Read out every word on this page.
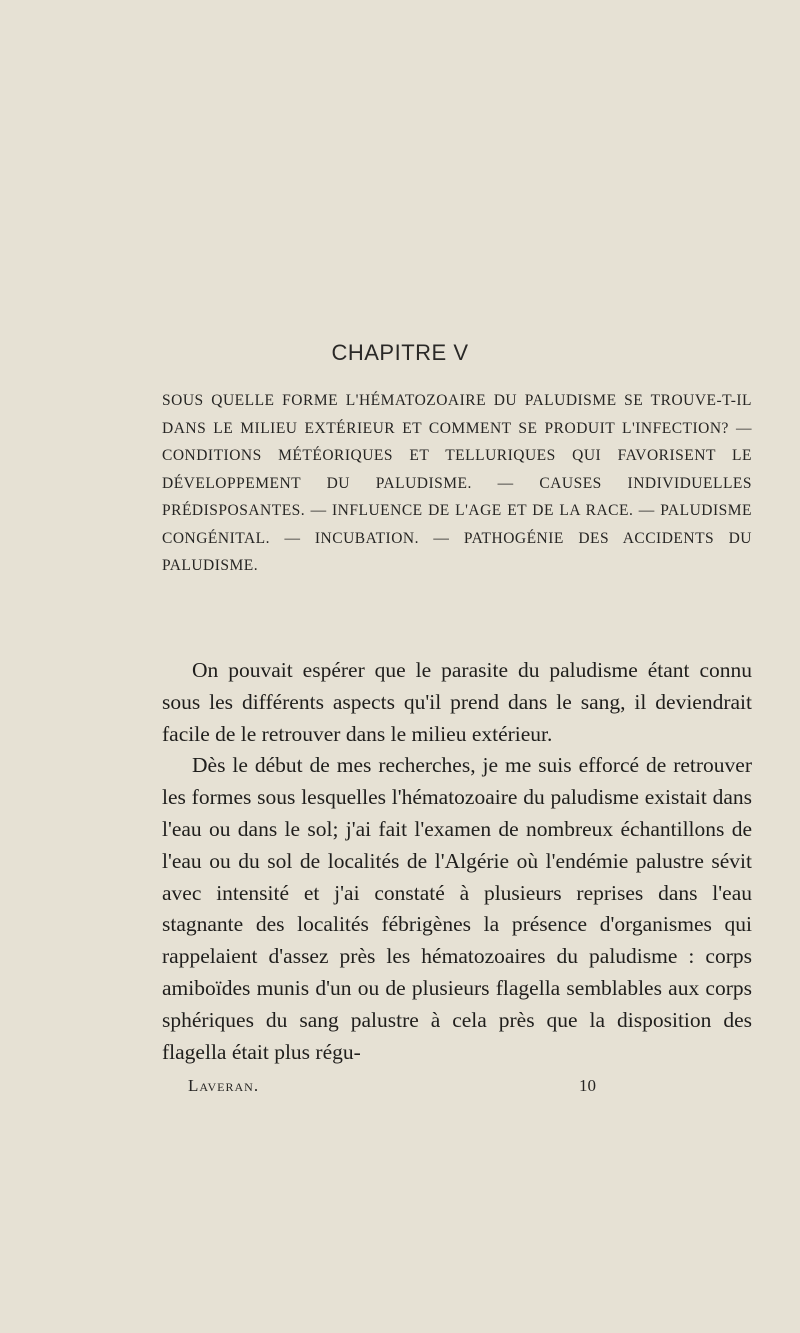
CHAPITRE V

SOUS QUELLE FORME L'HÉMATOZOAIRE DU PALUDISME SE TROUVE-T-IL DANS LE MILIEU EXTÉRIEUR ET COMMENT SE PRODUIT L'INFECTION? — CONDITIONS MÉTÉORIQUES ET TELLURIQUES QUI FAVORISENT LE DÉVELOPPEMENT DU PALUDISME. — CAUSES INDIVIDUELLES PRÉDISPOSANTES. — INFLUENCE DE L'AGE ET DE LA RACE. — PALUDISME CONGÉNITAL. — INCUBATION. — PATHOGÉNIE DES ACCIDENTS DU PALUDISME.

On pouvait espérer que le parasite du paludisme étant connu sous les différents aspects qu'il prend dans le sang, il deviendrait facile de le retrouver dans le milieu extérieur.

Dès le début de mes recherches, je me suis efforcé de retrouver les formes sous lesquelles l'hématozoaire du paludisme existait dans l'eau ou dans le sol; j'ai fait l'examen de nombreux échantillons de l'eau ou du sol de localités de l'Algérie où l'endémie palustre sévit avec intensité et j'ai constaté à plusieurs reprises dans l'eau stagnante des localités fébrigènes la présence d'organismes qui rappelaient d'assez près les hématozoaires du paludisme : corps amiboïdes munis d'un ou de plusieurs flagella semblables aux corps sphériques du sang palustre à cela près que la disposition des flagella était plus régu-

Laveran.	10
